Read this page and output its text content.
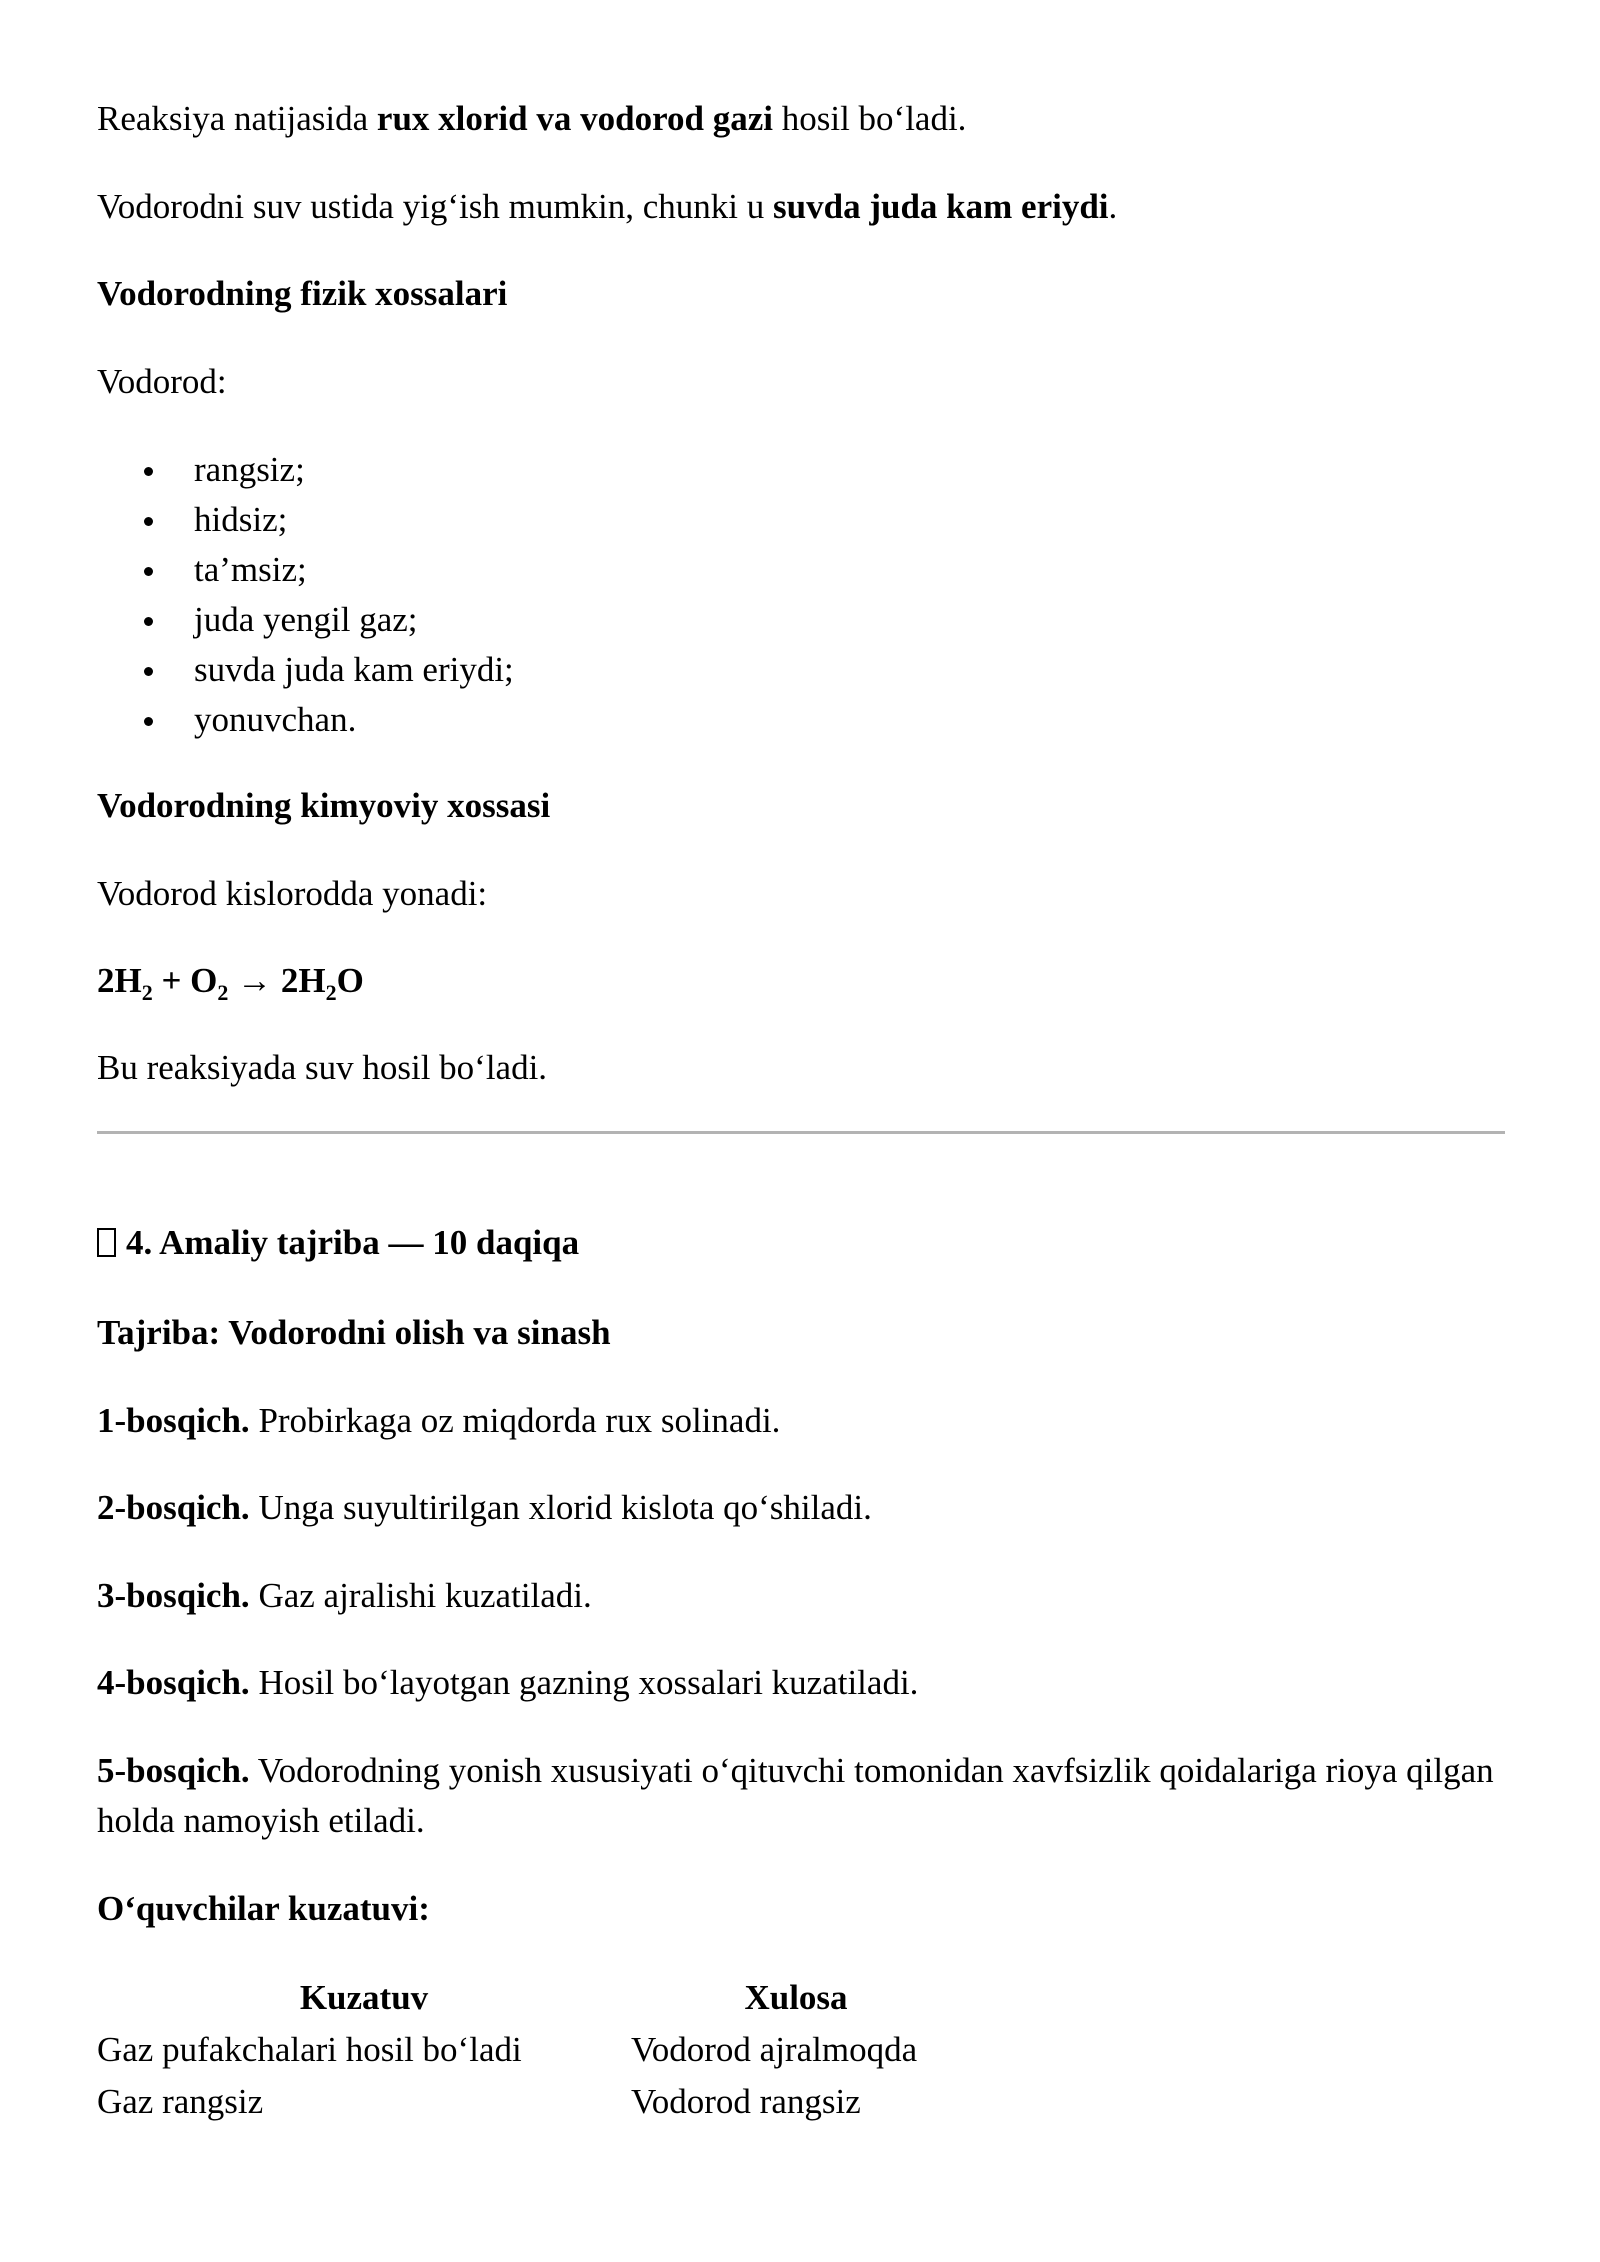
Reaksiya natijasida rux xlorid va vodorod gazi hosil bo‘ladi.

Vodorodni suv ustida yig‘ish mumkin, chunki u suvda juda kam eriydi.

Vodorodning fizik xossalari

Vodorod:

rangsiz;
hidsiz;
ta’msiz;
juda yengil gaz;
suvda juda kam eriydi;
yonuvchan.

Vodorodning kimyoviy xossasi

Vodorod kislorodda yonadi:

$2H_2 + O_2 \to 2H_2O$

Bu reaksiyada suv hosil bo‘ladi.

4. Amaliy tajriba — 10 daqiqa

Tajriba: Vodorodni olish va sinash

1-bosqich. Probirkaga oz miqdorda rux solinadi.

2-bosqich. Unga suyultirilgan xlorid kislota qo‘shiladi.

3-bosqich. Gaz ajralishi kuzatiladi.

4-bosqich. Hosil bo‘layotgan gazning xossalari kuzatiladi.

5-bosqich. Vodorodning yonish xususiyati o‘qituvchi tomonidan xavfsizlik qoidalariga rioya qilgan holda namoyish etiladi.

O‘quvchilar kuzatuvi:

Kuzatuv	Xulosa
Gaz pufakchalari hosil bo‘ladi	Vodorod ajralmoqda
Gaz rangsiz	Vodorod rangsiz
